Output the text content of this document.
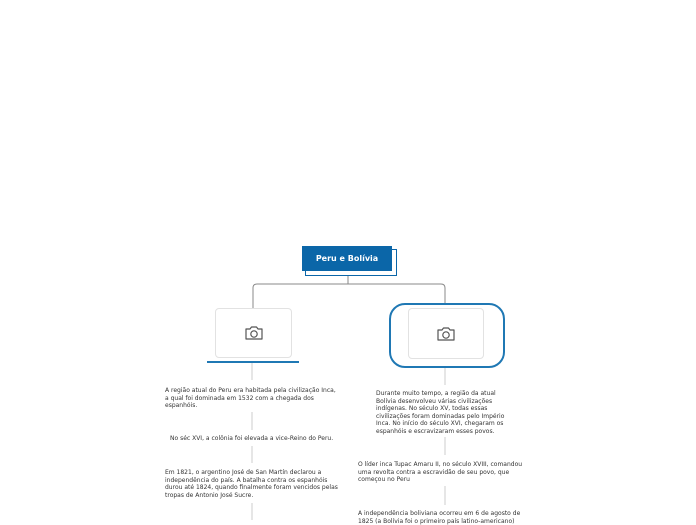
Peru e Bolívia
A região atual do Peru era habitada pela civilização Inca, a qual foi dominada em 1532 com a chegada dos espanhóis.
No séc XVI, a colônia foi elevada a vice-Reino do Peru.
Em 1821, o argentino José de San Martín declarou a independência do país. A batalha contra os espanhóis durou até 1824, quando finalmente foram vencidos pelas tropas de Antonio José Sucre.
Durante muito tempo, a região da atual Bolívia desenvolveu várias civilizações indígenas. No século XV, todas essas civilizações foram dominadas pelo Império Inca. No início do século XVI, chegaram os espanhóis e escravizaram esses povos.
O líder inca Tupac Amaru II, no século XVIII, comandou uma revolta contra a escravidão de seu povo, que começou no Peru
A independência boliviana ocorreu em 6 de agosto de 1825 (a Bolívia foi o primeiro país latino-americano)
